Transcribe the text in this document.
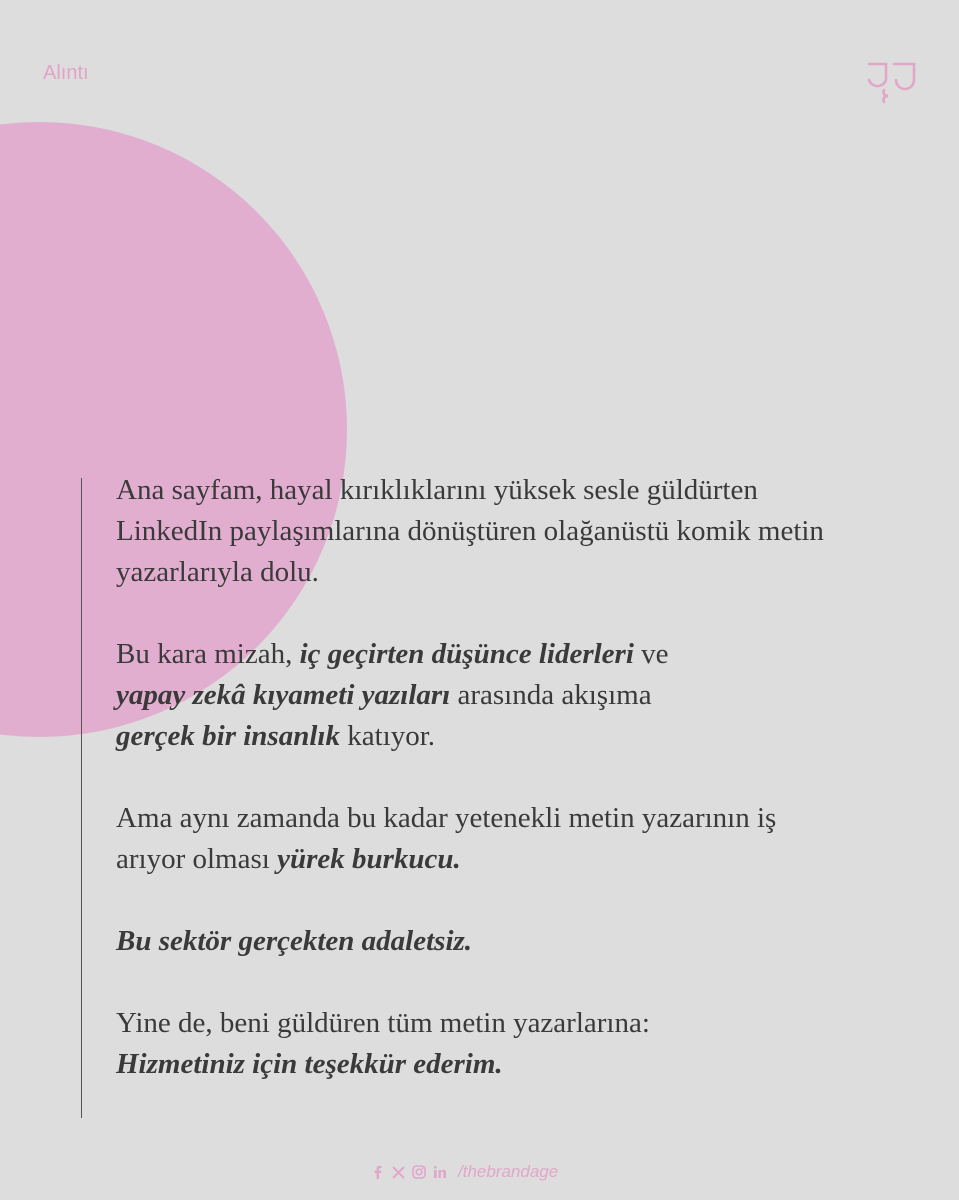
Alıntı

Ana sayfam, hayal kırıklıklarını yüksek sesle güldürten LinkedIn paylaşımlarına dönüştüren olağanüstü komik metin yazarlarıyla dolu.

Bu kara mizah, iç geçirten düşünce liderleri ve
yapay zekâ kıyameti yazıları arasında akışıma
gerçek bir insanlık katıyor.

Ama aynı zamanda bu kadar yetenekli metin yazarının iş arıyor olması yürek burkucu.

Bu sektör gerçekten adaletsiz.

Yine de, beni güldüren tüm metin yazarlarına:
Hizmetiniz için teşekkür ederim.

/thebrandage
